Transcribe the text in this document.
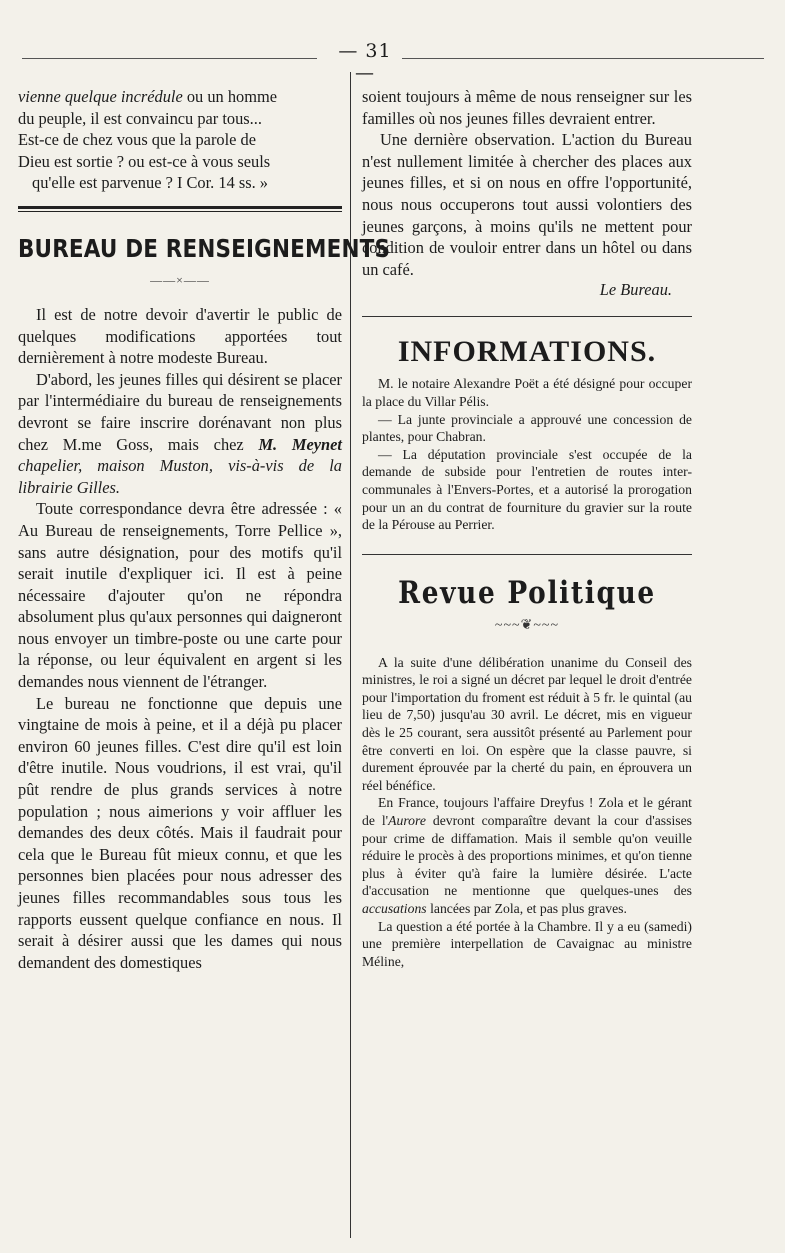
— 31 —

vienne quelque incrédule ou un homme

du peuple, il est convaincu par tous...

Est-ce de chez vous que la parole de

Dieu est sortie ? ou est-ce à vous seuls

qu'elle est parvenue ? I Cor. 14 ss. »

BUREAU DE RENSEIGNEMENTS
——×——

Il est de notre devoir d'avertir le public de quelques modifications apportées tout dernièrement à notre modeste Bureau.

D'abord, les jeunes filles qui désirent se placer par l'intermédiaire du bureau de renseignements devront se faire inscrire dorénavant non plus chez M.me Goss, mais chez M. Meynet chapelier, maison Muston, vis-à-vis de la librairie Gilles.

Toute correspondance devra être adressée : « Au Bureau de renseignements, Torre Pellice », sans autre désignation, pour des motifs qu'il serait inutile d'expliquer ici. Il est à peine nécessaire d'ajouter qu'on ne répondra absolument plus qu'aux personnes qui daigneront nous envoyer un timbre-poste ou une carte pour la réponse, ou leur équivalent en argent si les demandes nous viennent de l'étranger.

Le bureau ne fonctionne que depuis une vingtaine de mois à peine, et il a déjà pu placer environ 60 jeunes filles. C'est dire qu'il est loin d'être inutile. Nous voudrions, il est vrai, qu'il pût rendre de plus grands services à notre population ; nous aimerions y voir affluer les demandes des deux côtés. Mais il faudrait pour cela que le Bureau fût mieux connu, et que les personnes bien placées pour nous adresser des jeunes filles recommandables sous tous les rapports eussent quelque confiance en nous. Il serait à désirer aussi que les dames qui nous demandent des domestiques

soient toujours à même de nous renseigner sur les familles où nos jeunes filles devraient entrer.

Une dernière observation. L'action du Bureau n'est nullement limitée à chercher des places aux jeunes filles, et si on nous en offre l'opportunité, nous nous occuperons tout aussi volontiers des jeunes garçons, à moins qu'ils ne mettent pour condition de vouloir entrer dans un hôtel ou dans un café.

Le Bureau.
INFORMATIONS.

M. le notaire Alexandre Poët a été désigné pour occuper la place du Villar Pélis.

— La junte provinciale a approuvé une concession de plantes, pour Chabran.

— La députation provinciale s'est occupée de la demande de subside pour l'entretien de routes inter-communales à l'Envers-Portes, et a autorisé la prorogation pour un an du contrat de fourniture du gravier sur la route de la Pérouse au Perrier.

Revue Politique
~~~❦~~~

A la suite d'une délibération unanime du Conseil des ministres, le roi a signé un décret par lequel le droit d'entrée pour l'importation du froment est réduit à 5 fr. le quintal (au lieu de 7,50) jusqu'au 30 avril. Le décret, mis en vigueur dès le 25 courant, sera aussitôt présenté au Parlement pour être converti en loi. On espère que la classe pauvre, si durement éprouvée par la cherté du pain, en éprouvera un réel bénéfice.

En France, toujours l'affaire Dreyfus ! Zola et le gérant de l'Aurore devront comparaître devant la cour d'assises pour crime de diffamation. Mais il semble qu'on veuille réduire le procès à des proportions minimes, et qu'on tienne plus à éviter qu'à faire la lumière désirée. L'acte d'accusation ne mentionne que quelques-unes des accusations lancées par Zola, et pas plus graves.

La question a été portée à la Chambre. Il y a eu (samedi) une première interpellation de Cavaignac au ministre Méline,
